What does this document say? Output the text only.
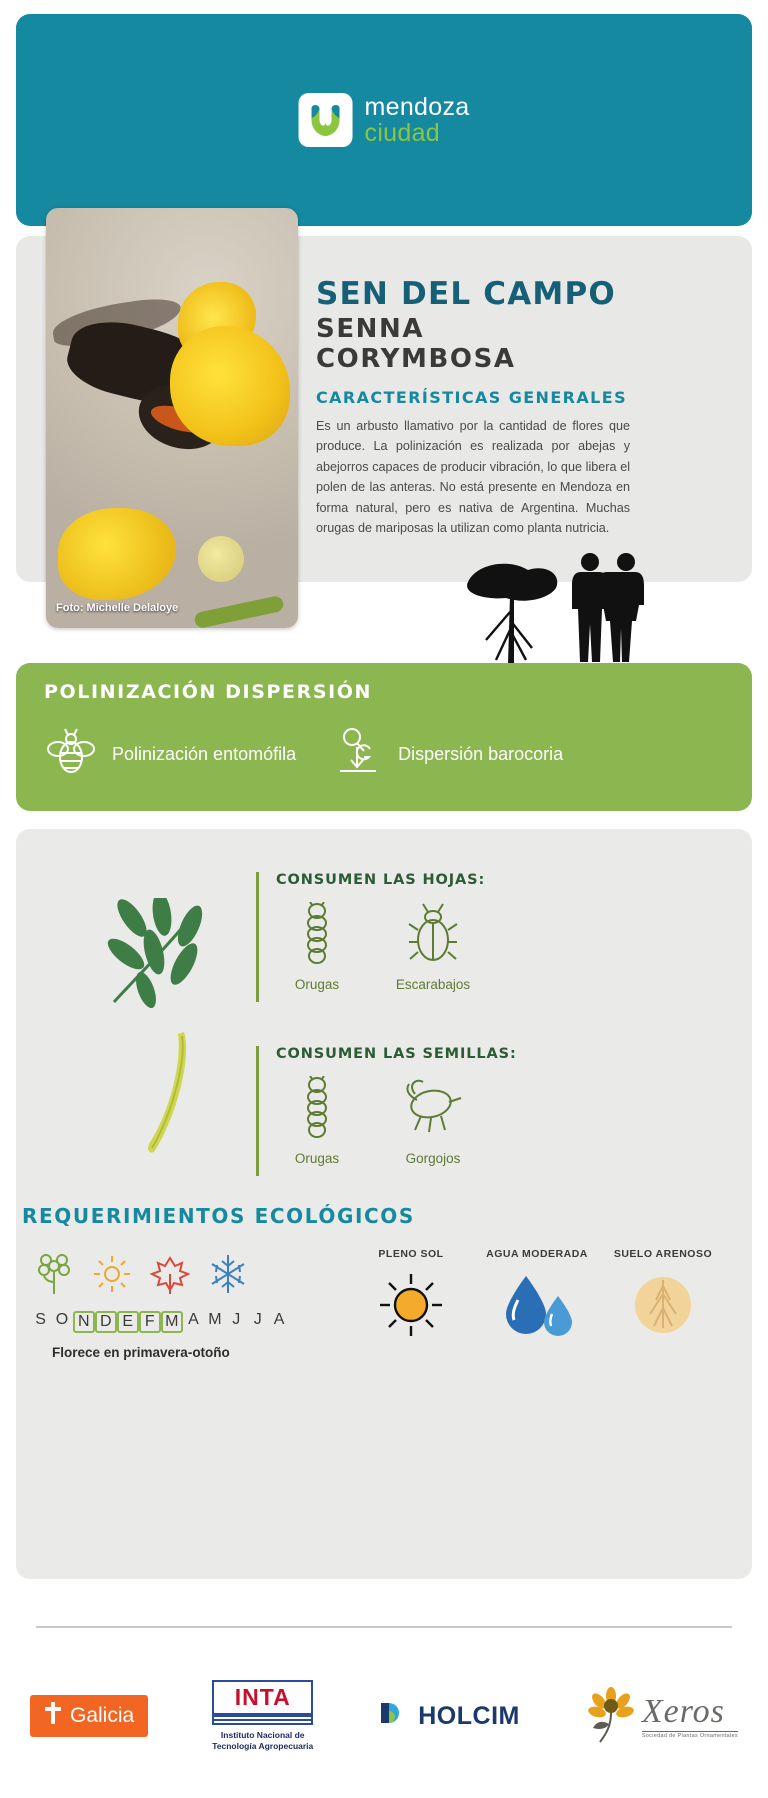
mendoza
ciudad
Foto: Michelle Delaloye
SEN DEL CAMPO
SENNA CORYMBOSA
CARACTERÍSTICAS GENERALES
Es un arbusto llamativo por la cantidad de flores que produce. La polinización es realizada por abejas y abejorros capaces de producir vibración, lo que libera el polen de las anteras. No está presente en Mendoza en forma natural, pero es nativa de Argentina. Muchas orugas de mariposas la utilizan como planta nutricia.
POLINIZACIÓN DISPERSIÓN
Polinización entomófila	Dispersión barocoria
CONSUMEN LAS HOJAS:
Orugas	Escarabajos
CONSUMEN LAS SEMILLAS:
Orugas	Gorgojos
REQUERIMIENTOS ECOLÓGICOS
S O N D E F M A M J J A
Florece en primavera-otoño
PLENO SOL	AGUA MODERADA	SUELO ARENOSO
Galicia
INTA
Instituto Nacional de
Tecnología Agropecuaria
HOLCIM	Xeros
Sociedad de Plantas Ornamentales
